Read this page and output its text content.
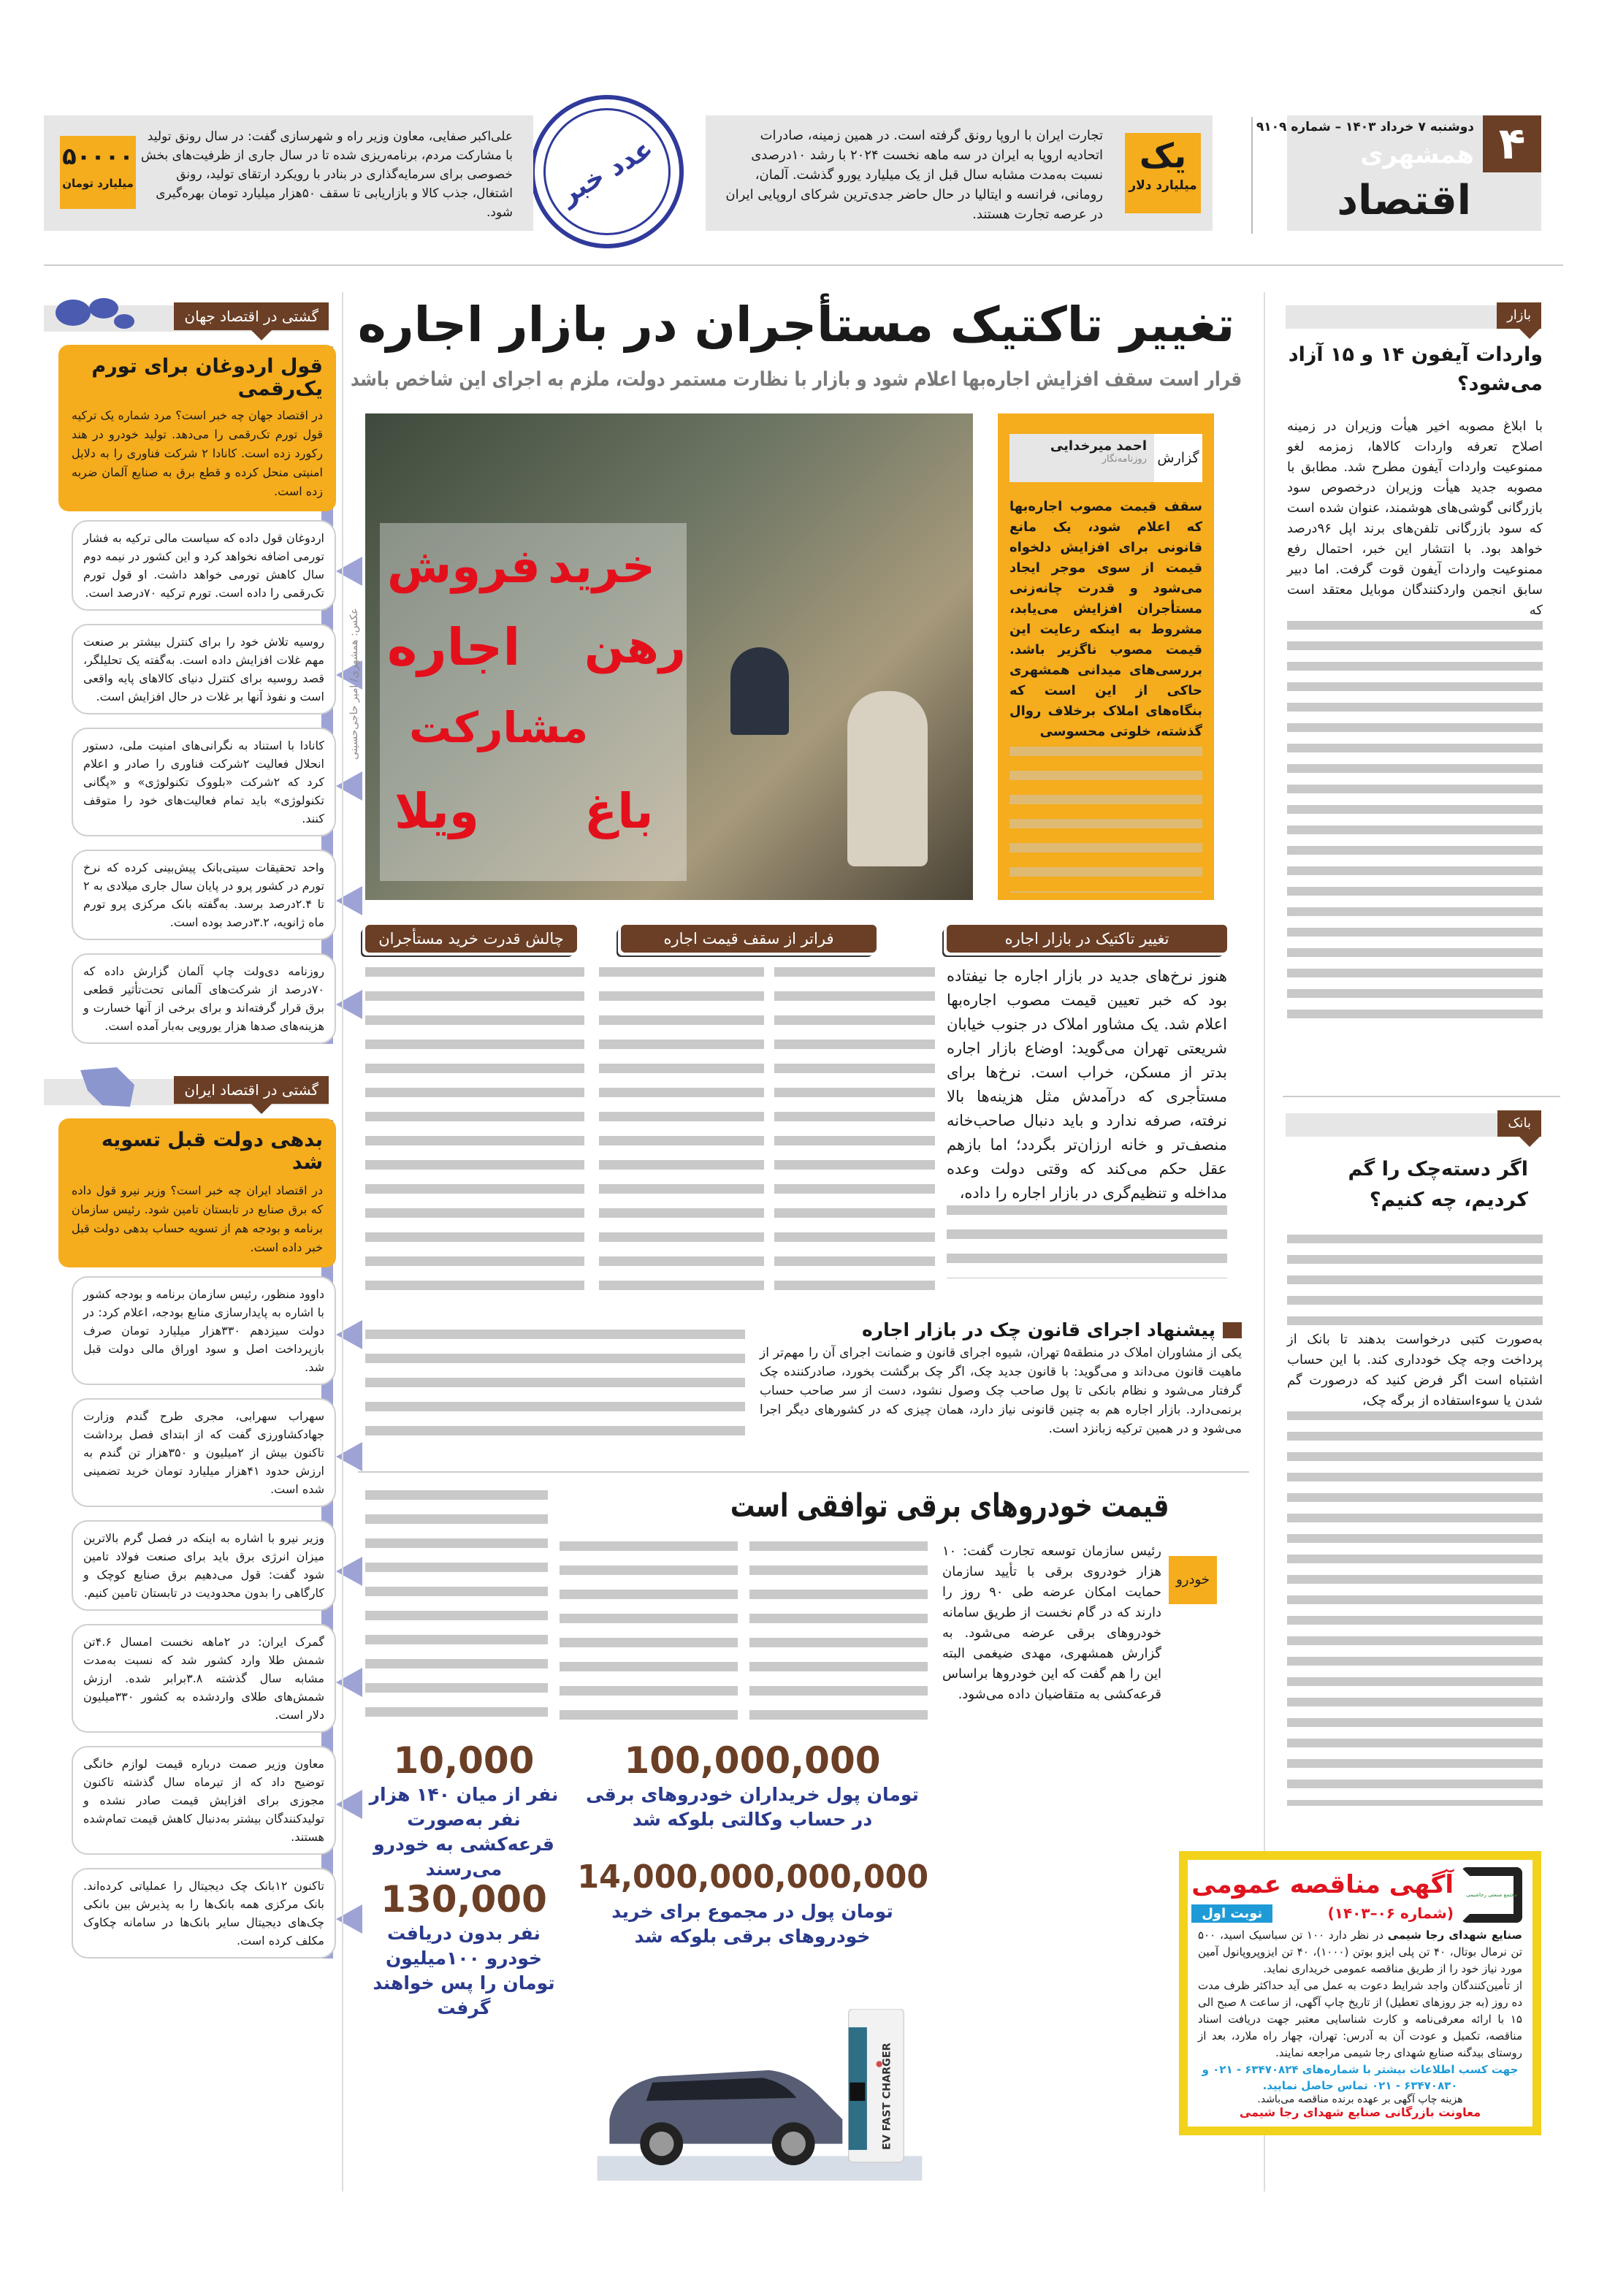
۴
دوشنبه ۷ خرداد ۱۴۰۳ – شماره ۹۱۰۹
همشهری
اقتصاد
یک
میلیارد دلار
تجارت ایران با اروپا رونق گرفته است. در همین زمینه، صادرات اتحادیه اروپا به ایران در سه ماهه نخست ۲۰۲۴ با رشد ۱۰درصدی نسبت به‌مدت مشابه سال قبل از یک میلیارد یورو گذشت. آلمان، رومانی، فرانسه و ایتالیا در حال حاضر جدی‌ترین شرکای اروپایی ایران در عرصه تجارت هستند.
عدد خبر
۵۰۰۰۰
میلیارد تومان
علی‌اکبر صفایی، معاون وزیر راه و شهرسازی گفت: در سال رونق تولید با مشارکت مردم، برنامه‌ریزی شده تا در سال جاری از ظرفیت‌های بخش خصوصی برای سرمایه‌گذاری در بنادر با رویکرد ارتقای تولید، رونق اشتغال، جذب کالا و بازاریابی تا سقف ۵۰هزار میلیارد تومان بهره‌گیری شود.
گشتی در اقتصاد جهان
قول اردوغان برای تورم یک‌رقمی
در اقتصاد جهان چه خبر است؟ مرد شماره یک ترکیه قول تورم تک‌رقمی را می‌دهد. تولید خودرو در هند رکورد زده است. کانادا ۲ شرکت فناوری را به دلایل امنیتی منحل کرده و قطع برق به صنایع آلمان ضربه زده است.
اردوغان قول داده که سیاست مالی ترکیه به فشار تورمی اضافه نخواهد کرد و این کشور در نیمه دوم سال کاهش تورمی خواهد داشت. او قول تورم تک‌رقمی را داده است. تورم ترکیه ۷۰درصد است.
روسیه تلاش خود را برای کنترل بیشتر بر صنعت مهم غلات افزایش داده است. به‌گفته یک تحلیلگر، قصد روسیه برای کنترل دنیای کالاهای پایه واقعی است و نفوذ آنها بر غلات در حال افزایش است.
کانادا با استناد به نگرانی‌های امنیت ملی، دستور انحلال فعالیت ۲شرکت فناوری را صادر و اعلام کرد که ۲شرکت «بلووک تکنولوژی» و «پگانی تکنولوژی» باید تمام فعالیت‌های خود را متوقف کنند.
واحد تحقیقات سیتی‌بانک پیش‌بینی کرده که نرخ تورم در کشور پرو در پایان سال جاری میلادی به ۲ تا ۲.۴درصد برسد. به‌گفته بانک مرکزی پرو تورم ماه ژانویه، ۳.۲درصد بوده است.
روزنامه دی‌ولت چاپ آلمان گزارش داده که ۷۰درصد از شرکت‌های آلمانی تحت‌تأثیر قطعی برق قرار گرفته‌اند و برای برخی از آنها خسارت و هزینه‌های صدها هزار یورویی به‌بار آمده است.
گشتی در اقتصاد ایران
بدهی دولت قبل تسویه شد
در اقتصاد ایران چه خبر است؟ وزیر نیرو قول داده که برق صنایع در تابستان تامین شود. رئیس سازمان برنامه و بودجه هم از تسویه حساب بدهی دولت قبل خبر داده است.
داوود منظور، رئیس سازمان برنامه و بودجه کشور با اشاره به پایدارسازی منابع بودجه، اعلام کرد: در دولت سیزدهم ۳۳۰هزار میلیارد تومان صرف بازپرداخت اصل و سود اوراق مالی دولت قبل شد.
سهراب سهرابی، مجری طرح گندم وزارت جهادکشاورزی گفت که از ابتدای فصل برداشت تاکنون بیش از ۲میلیون و ۳۵۰هزار تن گندم به ارزش حدود ۴۱هزار میلیارد تومان خرید تضمینی شده است.
وزیر نیرو با اشاره به اینکه در فصل گرم بالاترین میزان انرژی برق باید برای صنعت فولاد تامین شود گفت: قول می‌دهیم برق صنایع کوچک و کارگاهی را بدون محدودیت در تابستان تامین کنیم.
گمرک ایران: در ۲ماهه نخست امسال ۴.۶تن شمش طلا وارد کشور شد که نسبت به‌مدت مشابه سال گذشته ۳.۸برابر شده. ارزش شمش‌های طلای واردشده به کشور ۳۳۰میلیون دلار است.
معاون وزیر صمت درباره قیمت لوازم خانگی توضیح داد که از تیرماه سال گذشته تاکنون مجوزی برای افزایش قیمت صادر نشده و تولیدکنندگان بیشتر به‌دنبال کاهش قیمت تمام‌شده هستند.
تاکنون ۱۲بانک چک دیجیتال را عملیاتی کرده‌اند. بانک مرکزی همه بانک‌ها را به پذیرش بین بانکی چک‌های دیجیتال سایر بانک‌ها در سامانه چکاوک مکلف کرده است.
تغییر تاکتیک مستأجران در بازار اجاره
قرار است سقف افزایش اجاره‌بها اعلام شود و بازار با نظارت مستمر دولت، ملزم به اجرای این شاخص باشد
خرید
فروش
رهن
اجاره
مشارکت
باغ
ویلا
عکس: همشهری/ امیر حاجی‌حسینی
گزارش
احمد میرخدایی
روزنامه‌نگار
سقف قیمت مصوب اجاره‌بها که اعلام شود، یک مانع قانونی برای افزایش دلخواه قیمت از سوی موجر ایجاد می‌شود و قدرت چانه‌زنی مستأجران افزایش می‌یابد، مشروط به اینکه رعایت این قیمت مصوب ناگزیر باشد. بررسی‌های میدانی همشهری حاکی از این است که بنگاه‌های املاک برخلاف روال گذشته، خلوتی محسوسی
تغییر تاکتیک در بازار اجاره
فراتر از سقف قیمت اجاره
چالش قدرت خرید مستأجران
هنوز نرخ‌های جدید در بازار اجاره جا نیفتاده بود که خبر تعیین قیمت مصوب اجاره‌بها اعلام شد. یک مشاور املاک در جنوب خیابان شریعتی تهران می‌گوید: اوضاع بازار اجاره بدتر از مسکن، خراب است. نرخ‌ها برای مستأجری که درآمدش مثل هزینه‌ها بالا نرفته، صرفه ندارد و باید دنبال صاحب‌خانه منصف‌تر و خانه ارزان‌تر بگردد؛ اما بازهم عقل حکم می‌کند که وقتی دولت وعده مداخله و تنظیم‌گری در بازار اجاره را داده،
پیشنهاد اجرای قانون چک در بازار اجاره
یکی از مشاوران املاک در منطقه۵ تهران، شیوه اجرای قانون و ضمانت اجرای آن را مهم‌تر از ماهیت قانون می‌داند و می‌گوید: با قانون جدید چک، اگر چک برگشت بخورد، صادرکننده چک گرفتار می‌شود و نظام بانکی تا پول صاحب چک وصول نشود، دست از سر صاحب حساب برنمی‌دارد. بازار اجاره هم به چنین قانونی نیاز دارد، همان چیزی که در کشورهای دیگر اجرا می‌شود و در همین ترکیه زبانزد است.
قیمت خودروهای برقی توافقی است
خودرو
رئیس سازمان توسعه تجارت گفت: ۱۰ هزار خودروی برقی با تأیید سازمان حمایت امکان عرضه طی ۹۰ روز را دارند که در گام نخست از طریق سامانه خودروهای برقی عرضه می‌شود. به گزارش همشهری، مهدی ضیغمی البته این را هم گفت که این خودروها براساس قرعه‌کشی به متقاضیان داده می‌شود.
100,000,000
تومان پول خریداران خودروهای برقی در حساب وکالتی بلوکه شد
10,000
نفر از میان ۱۴۰ هزار نفر به‌صورت قرعه‌کشی به خودرو می‌رسند	14,000,000,000,000
تومان پول در مجموع برای خرید خودروهای برقی بلوکه شد
130,000
نفر بدون دریافت خودرو ۱۰۰میلیون تومان را پس خواهند گرفت
EV FAST CHARGER
بازار
واردات آیفون ۱۴ و ۱۵ آزاد می‌شود؟
با ابلاغ مصوبه اخیر هیأت وزیران در زمینه اصلاح تعرفه واردات کالاها، زمزمه لغو ممنوعیت واردات آیفون مطرح شد. مطابق با مصوبه جدید هیأت وزیران درخصوص سود بازرگانی گوشی‌های هوشمند، عنوان شده است که سود بازرگانی تلفن‌های برند اپل ۹۶درصد خواهد بود. با انتشار این خبر، احتمال رفع ممنوعیت واردات آیفون قوت گرفت. اما دبیر سابق انجمن واردکنندگان موبایل معتقد است که
بانک
اگر دسته‌چک را گم کردیم، چه کنیم؟
به‌صورت کتبی درخواست بدهند تا بانک از پرداخت وجه چک خودداری کند. با این حساب اشتباه است اگر فرض کنید که درصورت گم شدن یا سوءاستفاده از برگه چک،
مجتمع صنعتی رجاشیمی
آگهی مناقصه عمومی
(شماره ۰۶–۱۴۰۳)
نوبت اول
صنایع شهدای رجا شیمی در نظر دارد ۱۰۰ تن سباسیک اسید، ۵۰۰ تن نرمال بوتال، ۴۰ تن پلی ایزو بوتن (۱۰۰۰)، ۴۰ تن ایزوپروپانول آمین مورد نیاز خود را از طریق مناقصه عمومی خریداری نماید.
از تأمین‌کنندگان واجد شرایط دعوت به عمل می آید حداکثر ظرف مدت ده روز (به جز روزهای تعطیل) از تاریخ چاپ آگهی، از ساعت ۸ صبح الی ۱۵ با ارائه معرفی‌نامه و کارت شناسایی معتبر جهت دریافت اسناد مناقصه، تکمیل و عودت آن به آدرس: تهران، چهار راه ملارد، بعد از روستای بیدگنه صنایع شهدای رجا شیمی مراجعه نمایند.
جهت کسب اطلاعات بیشتر با شماره‌های ۶۳۴۷۰۸۲۴ - ۰۲۱ و ۶۳۴۷۰۸۳۰ - ۰۲۱ تماس حاصل نمایید.
هزینه چاپ آگهی بر عهده برنده مناقصه می‌باشد.
معاونت بازرگانی صنایع شهدای رجا شیمی
